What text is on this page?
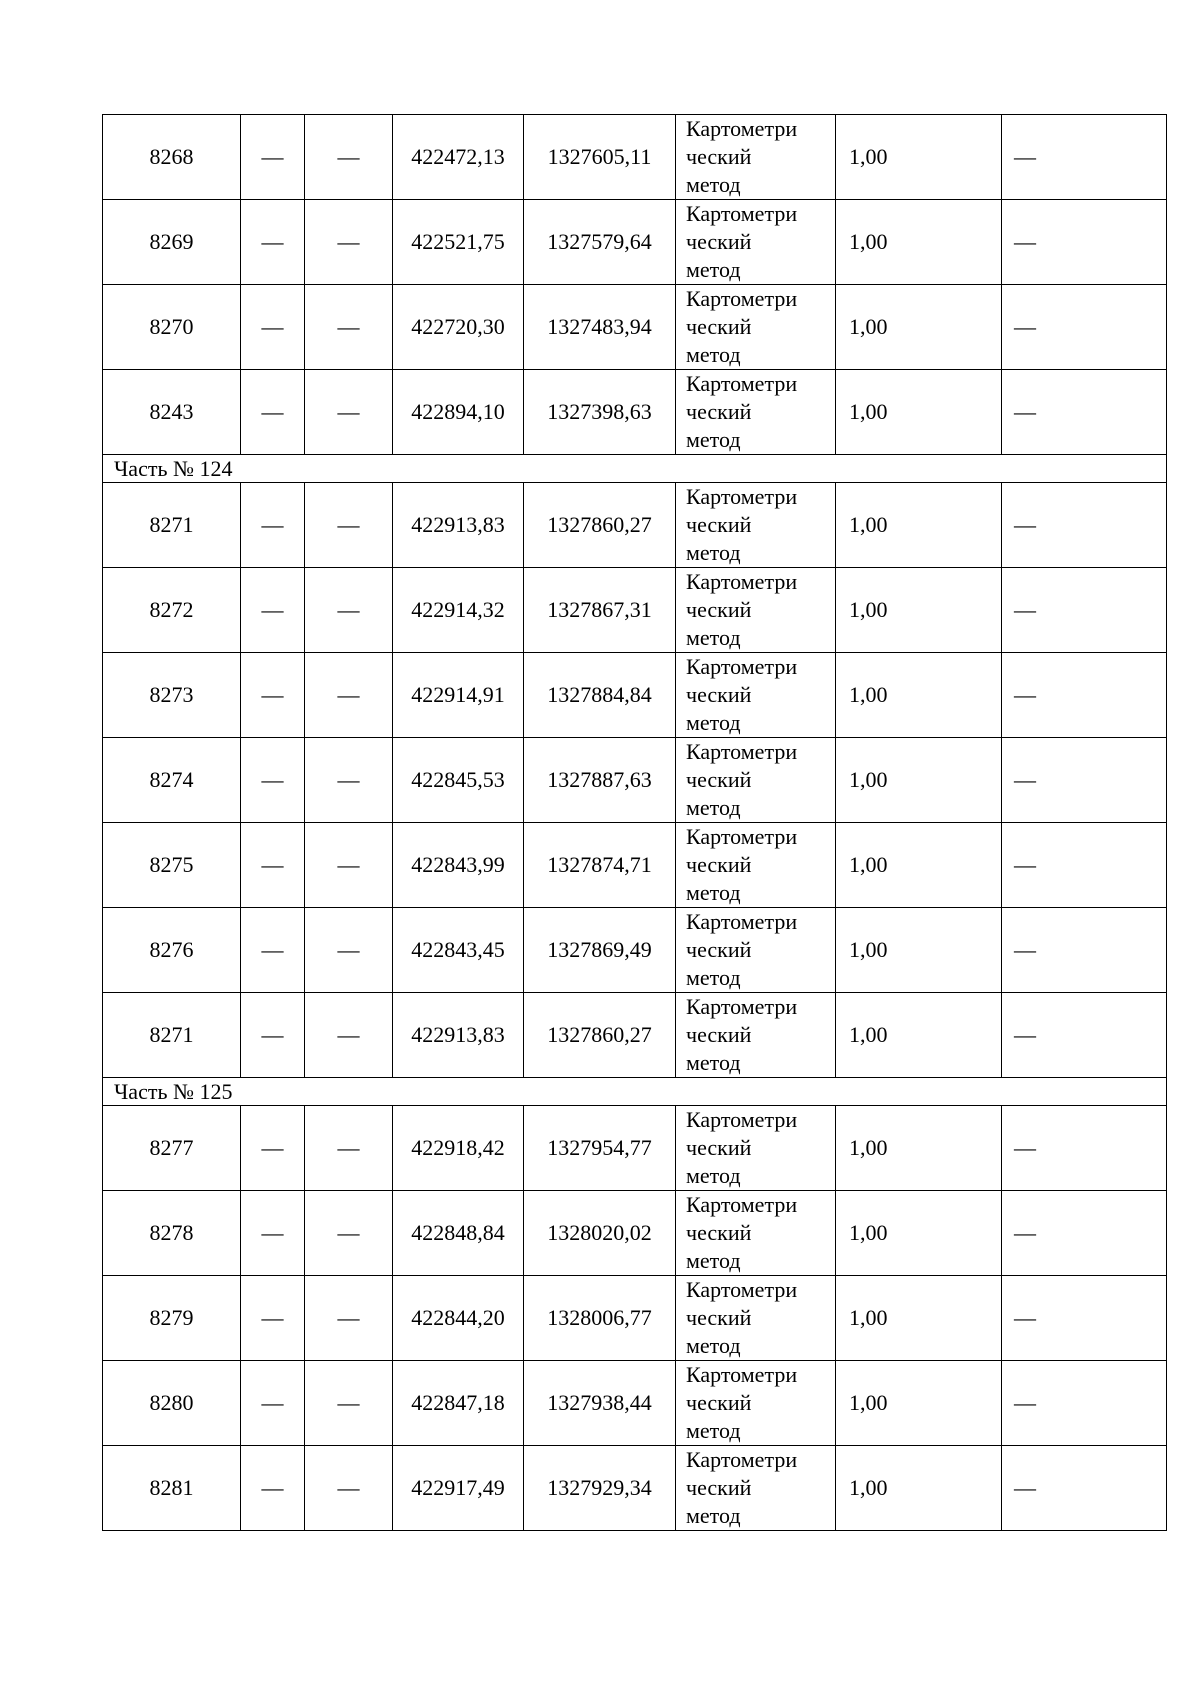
8268	—	—	422472,13	1327605,11	Картометри
ческий
метод	1,00	—
8269	—	—	422521,75	1327579,64	Картометри
ческий
метод	1,00	—
8270	—	—	422720,30	1327483,94	Картометри
ческий
метод	1,00	—
8243	—	—	422894,10	1327398,63	Картометри
ческий
метод	1,00	—
Часть № 124							
8271	—	—	422913,83	1327860,27	Картометри
ческий
метод	1,00	—
8272	—	—	422914,32	1327867,31	Картометри
ческий
метод	1,00	—
8273	—	—	422914,91	1327884,84	Картометри
ческий
метод	1,00	—
8274	—	—	422845,53	1327887,63	Картометри
ческий
метод	1,00	—
8275	—	—	422843,99	1327874,71	Картометри
ческий
метод	1,00	—
8276	—	—	422843,45	1327869,49	Картометри
ческий
метод	1,00	—
8271	—	—	422913,83	1327860,27	Картометри
ческий
метод	1,00	—
Часть № 125							
8277	—	—	422918,42	1327954,77	Картометри
ческий
метод	1,00	—
8278	—	—	422848,84	1328020,02	Картометри
ческий
метод	1,00	—
8279	—	—	422844,20	1328006,77	Картометри
ческий
метод	1,00	—
8280	—	—	422847,18	1327938,44	Картометри
ческий
метод	1,00	—
8281	—	—	422917,49	1327929,34	Картометри
ческий
метод	1,00	—
